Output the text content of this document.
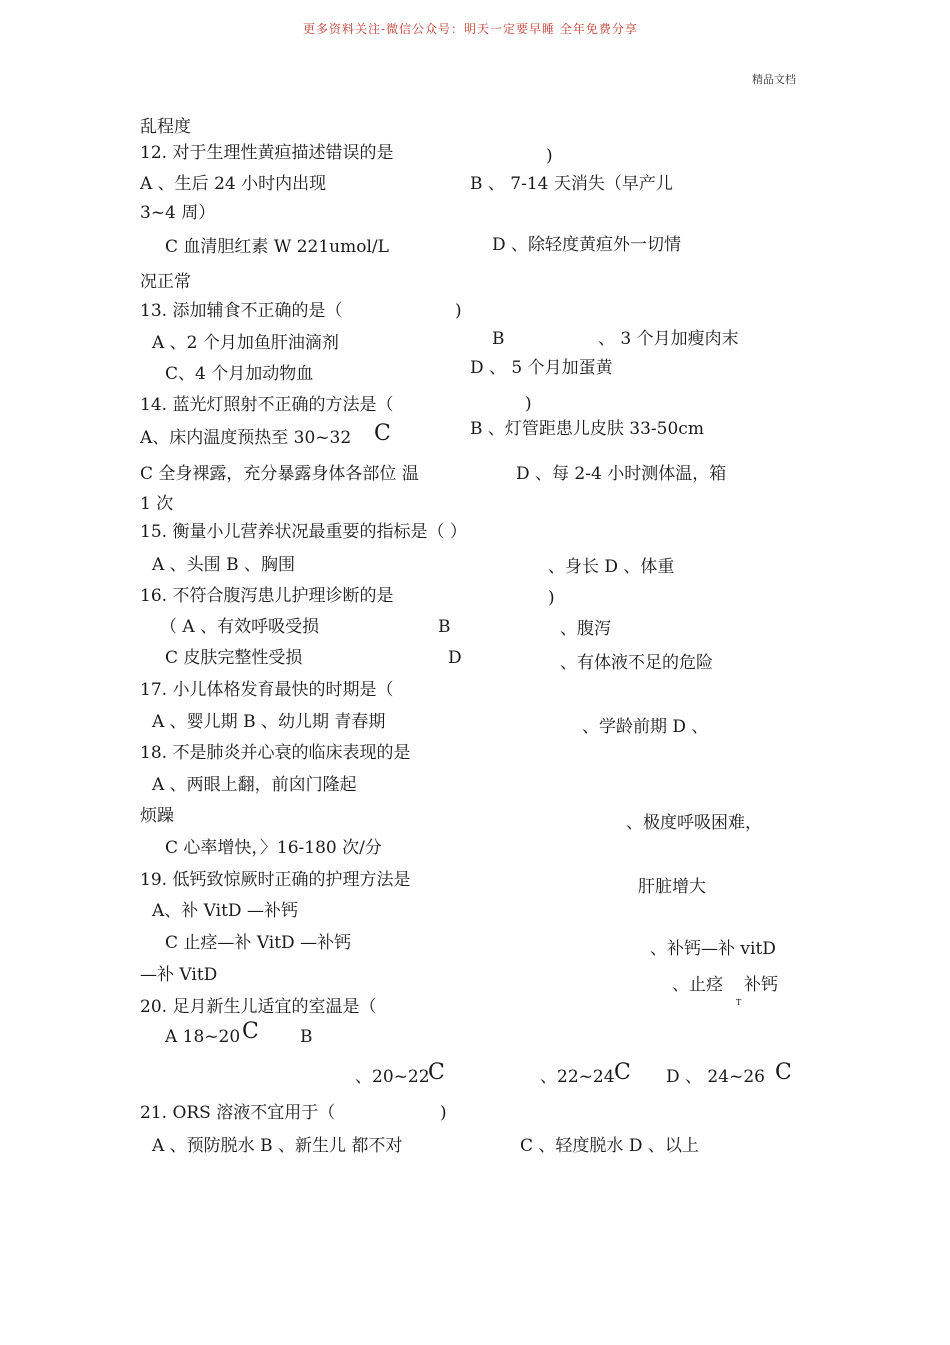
更多资料关注-微信公众号：明天一定要早睡 全年免费分享
精品文档
乱程度
12. 对于生理性黄疸描述错误的是	)
A 、生后 24 小时内出现	B 、 7-14 天消失（早产儿
3~4 周）
C 血清胆红素 W 221umol/L	D 、除轻度黄疸外一切情
况正常
13. 添加辅食不正确的是（	)
B
A 、2 个月加鱼肝油滴剂	、 3 个月加瘦肉末
C、4 个月加动物血	D 、 5 个月加蛋黄
14. 蓝光灯照射不正确的方法是（	)
A、床内温度预热至 30~32 C	B 、灯管距患儿皮肤 33-50cm
C 全身裸露，充分暴露身体各部位 温	D 、每 2-4 小时测体温，箱
1 次
15. 衡量小儿营养状况最重要的指标是（ ）
A 、头围 B 、胸围	、身长 D 、体重
16. 不符合腹泻患儿护理诊断的是	)
（ A 、有效呼吸受损	B	、腹泻
C 皮肤完整性受损	D	、有体液不足的危险
17. 小儿体格发育最快的时期是（
A 、婴儿期 B 、幼儿期 青春期	、学龄前期 D 、
18. 不是肺炎并心衰的临床表现的是
A 、两眼上翻，前囟门隆起
烦躁	、极度呼吸困难，
C 心率增快，〉16-180 次/分
19. 低钙致惊厥时正确的护理方法是	肝脏增大
A、补 VitD —补钙
C 止痉—补 VitD —补钙	、补钙—补 vitD
—补 VitD	、止痉
T
补钙
20. 足月新生儿适宜的室温是（
A 18~20 C B
、20~22
C	、22~24 C D 、 24~26 C
21. ORS 溶液不宜用于（	)
A 、预防脱水 B 、新生儿 都不对	C 、轻度脱水 D 、以上
